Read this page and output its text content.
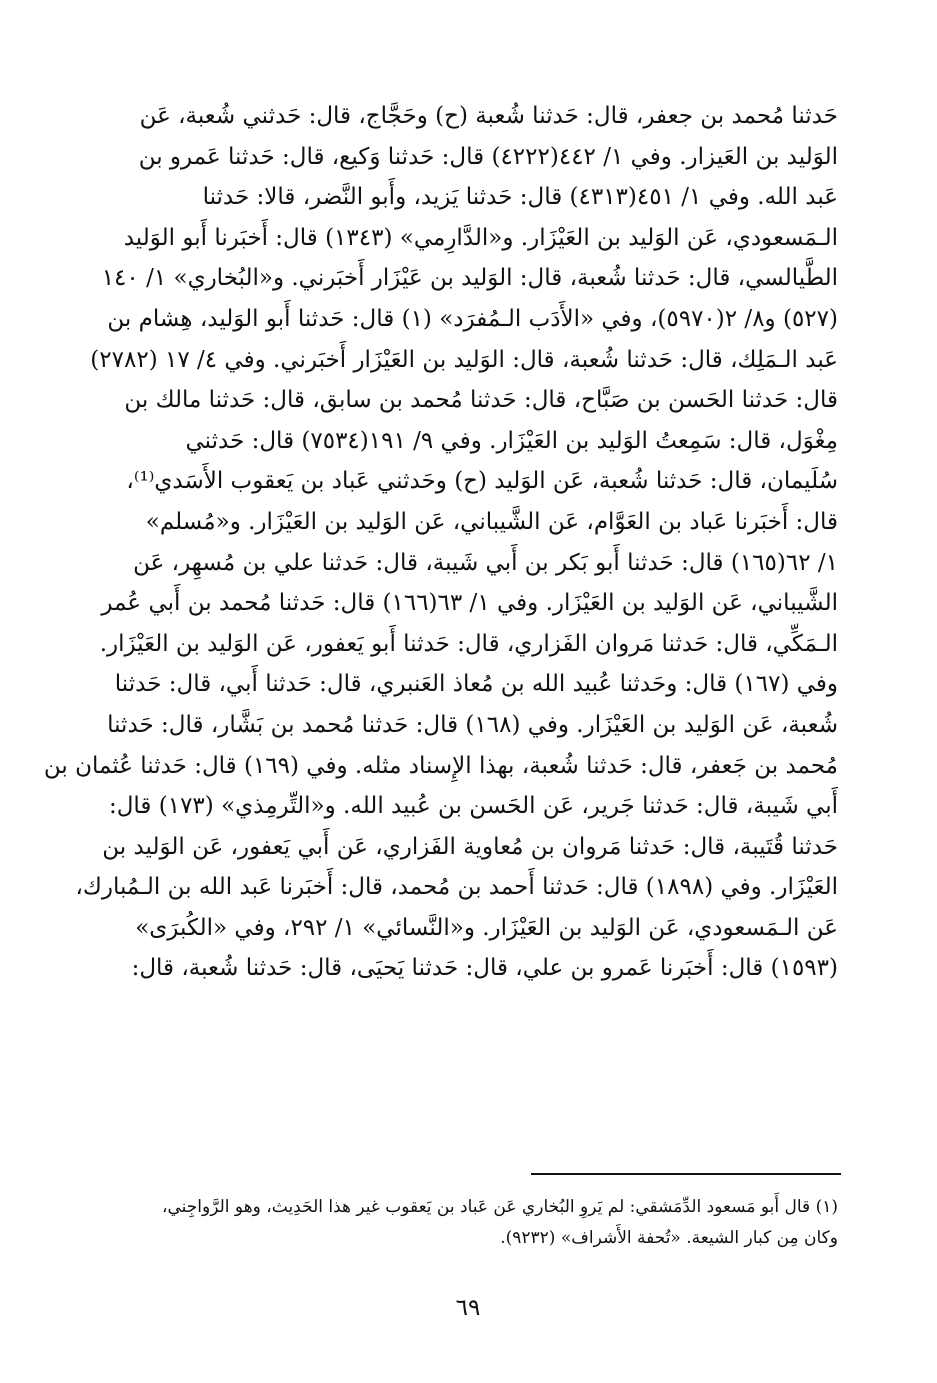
حَدثنا مُحمد بن جعفر، قال: حَدثنا شُعبة (ح) وحَجَّاج، قال: حَدثني شُعبة، عَن
الوَليد بن العَيزار. وفي ١/ ٤٤٢(٤٢٢٢) قال: حَدثنا وَكيع، قال: حَدثنا عَمرو بن
عَبد الله. وفي ١/ ٤٥١(٤٣١٣) قال: حَدثنا يَزيد، وأَبو النَّضر، قالا: حَدثنا
الـمَسعودي، عَن الوَليد بن العَيْزَار. و«الدَّارِمي» (١٣٤٣) قال: أَخبَرنا أَبو الوَليد
الطَّيالسي، قال: حَدثنا شُعبة، قال: الوَليد بن عَيْزَار أَخبَرني. و«البُخاري» ١/ ١٤٠
(٥٢٧) و٨/ ٢(٥٩٧٠)، وفي «الأَدَب الـمُفرَد» (١) قال: حَدثنا أَبو الوَليد، هِشام بن
عَبد الـمَلِك، قال: حَدثنا شُعبة، قال: الوَليد بن العَيْزَار أَخبَرني. وفي ٤/ ١٧ (٢٧٨٢)
قال: حَدثنا الحَسن بن صَبَّاح، قال: حَدثنا مُحمد بن سابق، قال: حَدثنا مالك بن
مِغْوَل، قال: سَمِعتُ الوَليد بن العَيْزَار. وفي ٩/ ١٩١(٧٥٣٤) قال: حَدثني
سُلَيمان، قال: حَدثنا شُعبة، عَن الوَليد (ح) وحَدثني عَباد بن يَعقوب الأَسَدي⁽¹⁾،
قال: أَخبَرنا عَباد بن العَوَّام، عَن الشَّيباني، عَن الوَليد بن العَيْزَار. و«مُسلم»
١/ ٦٢(١٦٥) قال: حَدثنا أَبو بَكر بن أَبي شَيبة، قال: حَدثنا علي بن مُسهِر، عَن
الشَّيباني، عَن الوَليد بن العَيْزَار. وفي ١/ ٦٣(١٦٦) قال: حَدثنا مُحمد بن أَبي عُمر
الـمَكِّي، قال: حَدثنا مَروان الفَزاري، قال: حَدثنا أَبو يَعفور، عَن الوَليد بن العَيْزَار.
وفي (١٦٧) قال: وحَدثنا عُبيد الله بن مُعاذ العَنبري، قال: حَدثنا أَبي، قال: حَدثنا
شُعبة، عَن الوَليد بن العَيْزَار. وفي (١٦٨) قال: حَدثنا مُحمد بن بَشَّار، قال: حَدثنا
مُحمد بن جَعفر، قال: حَدثنا شُعبة، بهذا الإِسناد مثله. وفي (١٦٩) قال: حَدثنا عُثمان بن
أَبي شَيبة، قال: حَدثنا جَرير، عَن الحَسن بن عُبيد الله. و«التِّرمِذي» (١٧٣) قال:
حَدثنا قُتَيبة، قال: حَدثنا مَروان بن مُعاوية الفَزاري، عَن أَبي يَعفور، عَن الوَليد بن
العَيْزَار. وفي (١٨٩٨) قال: حَدثنا أَحمد بن مُحمد، قال: أَخبَرنا عَبد الله بن الـمُبارك،
عَن الـمَسعودي، عَن الوَليد بن العَيْزَار. و«النَّسائي» ١/ ٢٩٢، وفي «الكُبرَى»
(١٥٩٣) قال: أَخبَرنا عَمرو بن علي، قال: حَدثنا يَحيَى، قال: حَدثنا شُعبة، قال:
(١) قال أَبو مَسعود الدِّمَشقي: لم يَروِ البُخاري عَن عَباد بن يَعقوب غير هذا الحَدِيث، وهو الرَّواجِني،
وكان مِن كبار الشيعة. «تُحفة الأَشراف» (٩٢٣٢).
٦٩
